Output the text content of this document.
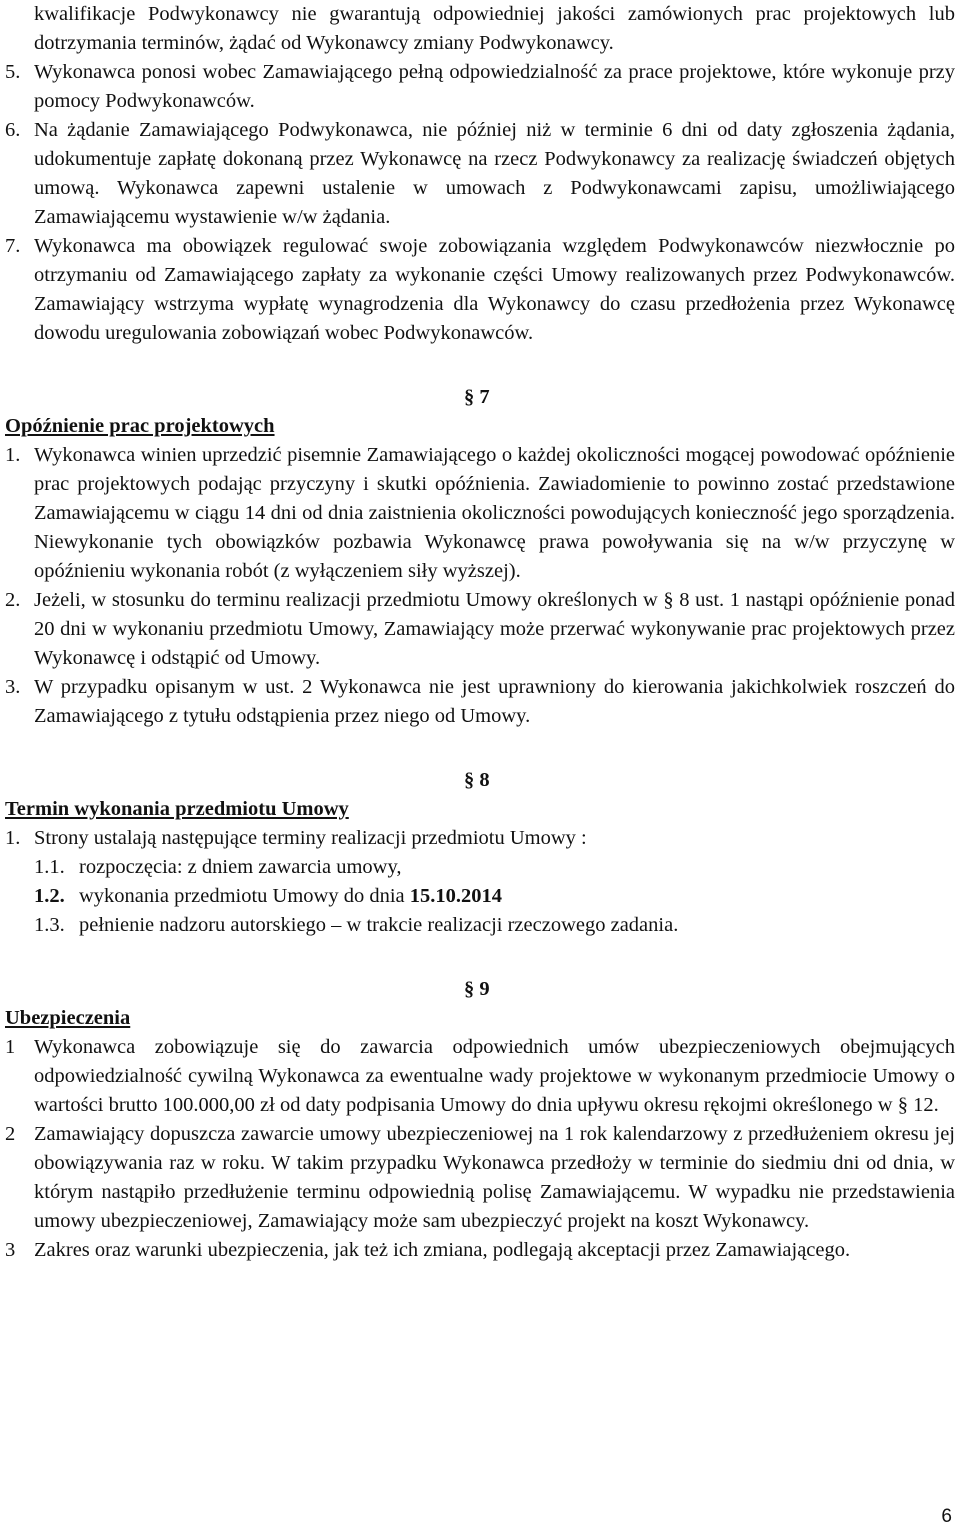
kwalifikacje Podwykonawcy nie gwarantują odpowiedniej jakości zamówionych prac projektowych lub dotrzymania terminów, żądać od Wykonawcy zmiany Podwykonawcy.

5. Wykonawca ponosi wobec Zamawiającego pełną odpowiedzialność za prace projektowe, które wykonuje przy pomocy Podwykonawców.
6. Na żądanie Zamawiającego Podwykonawca, nie później niż w terminie 6 dni od daty zgłoszenia żądania, udokumentuje zapłatę dokonaną przez Wykonawcę na rzecz Podwykonawcy za realizację świadczeń objętych umową. Wykonawca zapewni ustalenie w umowach z Podwykonawcami zapisu, umożliwiającego Zamawiającemu wystawienie w/w żądania.
7. Wykonawca ma obowiązek regulować swoje zobowiązania względem Podwykonawców niezwłocznie po otrzymaniu od Zamawiającego zapłaty za wykonanie części Umowy realizowanych przez Podwykonawców. Zamawiający wstrzyma wypłatę wynagrodzenia dla Wykonawcy do czasu przedłożenia przez Wykonawcę dowodu uregulowania zobowiązań wobec Podwykonawców.
§ 7
Opóźnienie prac projektowych
1. Wykonawca winien uprzedzić pisemnie Zamawiającego o każdej okoliczności mogącej powodować opóźnienie prac projektowych podając przyczyny i skutki opóźnienia. Zawiadomienie to powinno zostać przedstawione Zamawiającemu w ciągu 14 dni od dnia zaistnienia okoliczności powodujących konieczność jego sporządzenia. Niewykonanie tych obowiązków pozbawia Wykonawcę prawa powoływania się na w/w przyczynę w opóźnieniu wykonania robót (z wyłączeniem siły wyższej).
2. Jeżeli, w stosunku do terminu realizacji przedmiotu Umowy określonych w § 8 ust. 1 nastąpi opóźnienie ponad 20 dni w wykonaniu przedmiotu Umowy, Zamawiający może przerwać wykonywanie prac projektowych przez Wykonawcę i odstąpić od Umowy.
3. W przypadku opisanym w ust. 2 Wykonawca nie jest uprawniony do kierowania jakichkolwiek roszczeń do Zamawiającego z tytułu odstąpienia przez niego od Umowy.
§ 8
Termin wykonania przedmiotu Umowy
1. Strony ustalają następujące terminy realizacji przedmiotu Umowy :
1.1. rozpoczęcia: z dniem zawarcia umowy,
1.2. wykonania przedmiotu Umowy do dnia 15.10.2014
1.3. pełnienie nadzoru autorskiego – w trakcie realizacji rzeczowego zadania.
§ 9
Ubezpieczenia
1 Wykonawca zobowiązuje się do zawarcia odpowiednich umów ubezpieczeniowych obejmujących odpowiedzialność cywilną Wykonawca za ewentualne wady projektowe w wykonanym przedmiocie Umowy o wartości brutto 100.000,00 zł od daty podpisania Umowy do dnia upływu okresu rękojmi określonego w § 12.
2 Zamawiający dopuszcza zawarcie umowy ubezpieczeniowej na 1 rok kalendarzowy z przedłużeniem okresu jej obowiązywania raz w roku. W takim przypadku Wykonawca przedłoży w terminie do siedmiu dni od dnia, w którym nastąpiło przedłużenie terminu odpowiednią polisę Zamawiającemu. W wypadku nie przedstawienia umowy ubezpieczeniowej, Zamawiający może sam ubezpieczyć projekt na koszt Wykonawcy.
3 Zakres oraz warunki ubezpieczenia, jak też ich zmiana, podlegają akceptacji przez Zamawiającego.
6
